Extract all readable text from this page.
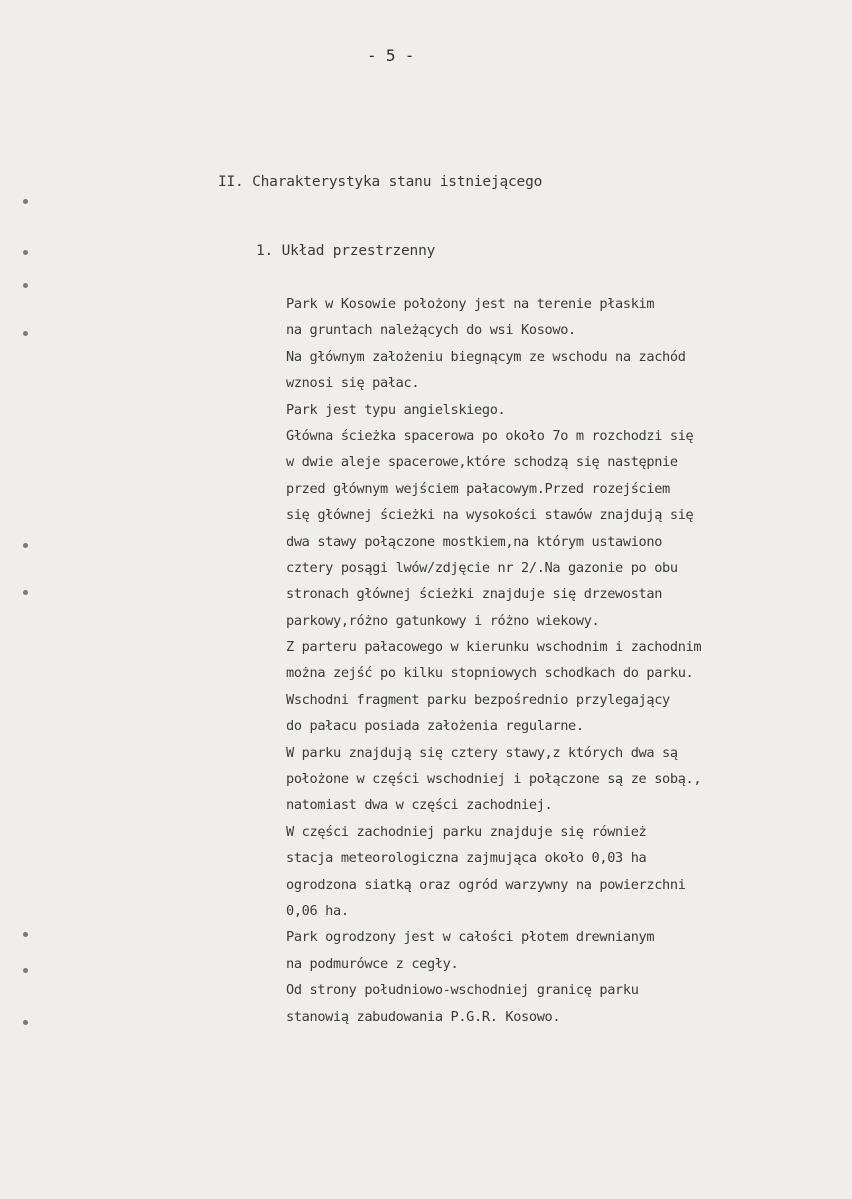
- 5 -
II. Charakterystyka stanu istniejącego
1. Układ przestrzenny
Park w Kosowie położony jest na terenie płaskim
na gruntach należących do wsi Kosowo.
Na głównym założeniu biegnącym ze wschodu na zachód
wznosi się pałac.
Park jest typu angielskiego.
Główna ścieżka spacerowa po około 7o m rozchodzi się
w dwie aleje spacerowe,które schodzą się następnie
przed głównym wejściem pałacowym.Przed rozejściem
się głównej ścieżki na wysokości stawów znajdują się
dwa stawy połączone mostkiem,na którym ustawiono
cztery posągi lwów/zdjęcie nr 2/.Na gazonie po obu
stronach głównej ścieżki znajduje się drzewostan
parkowy,różno gatunkowy i różno wiekowy.
Z parteru pałacowego w kierunku wschodnim i zachodnim
można zejść po kilku stopniowych schodkach do parku.
Wschodni fragment parku bezpośrednio przylegający
do pałacu posiada założenia regularne.
W parku znajdują się cztery stawy,z których dwa są
położone w części wschodniej i połączone są ze sobą.,
natomiast dwa w części zachodniej.
W części zachodniej parku znajduje się również
stacja meteorologiczna zajmująca około 0,03 ha
ogrodzona siatką oraz ogród warzywny na powierzchni
0,06 ha.
Park ogrodzony jest w całości płotem drewnianym
na podmurówce z cegły.
Od strony południowo-wschodniej granicę parku
stanowią zabudowania P.G.R. Kosowo.
